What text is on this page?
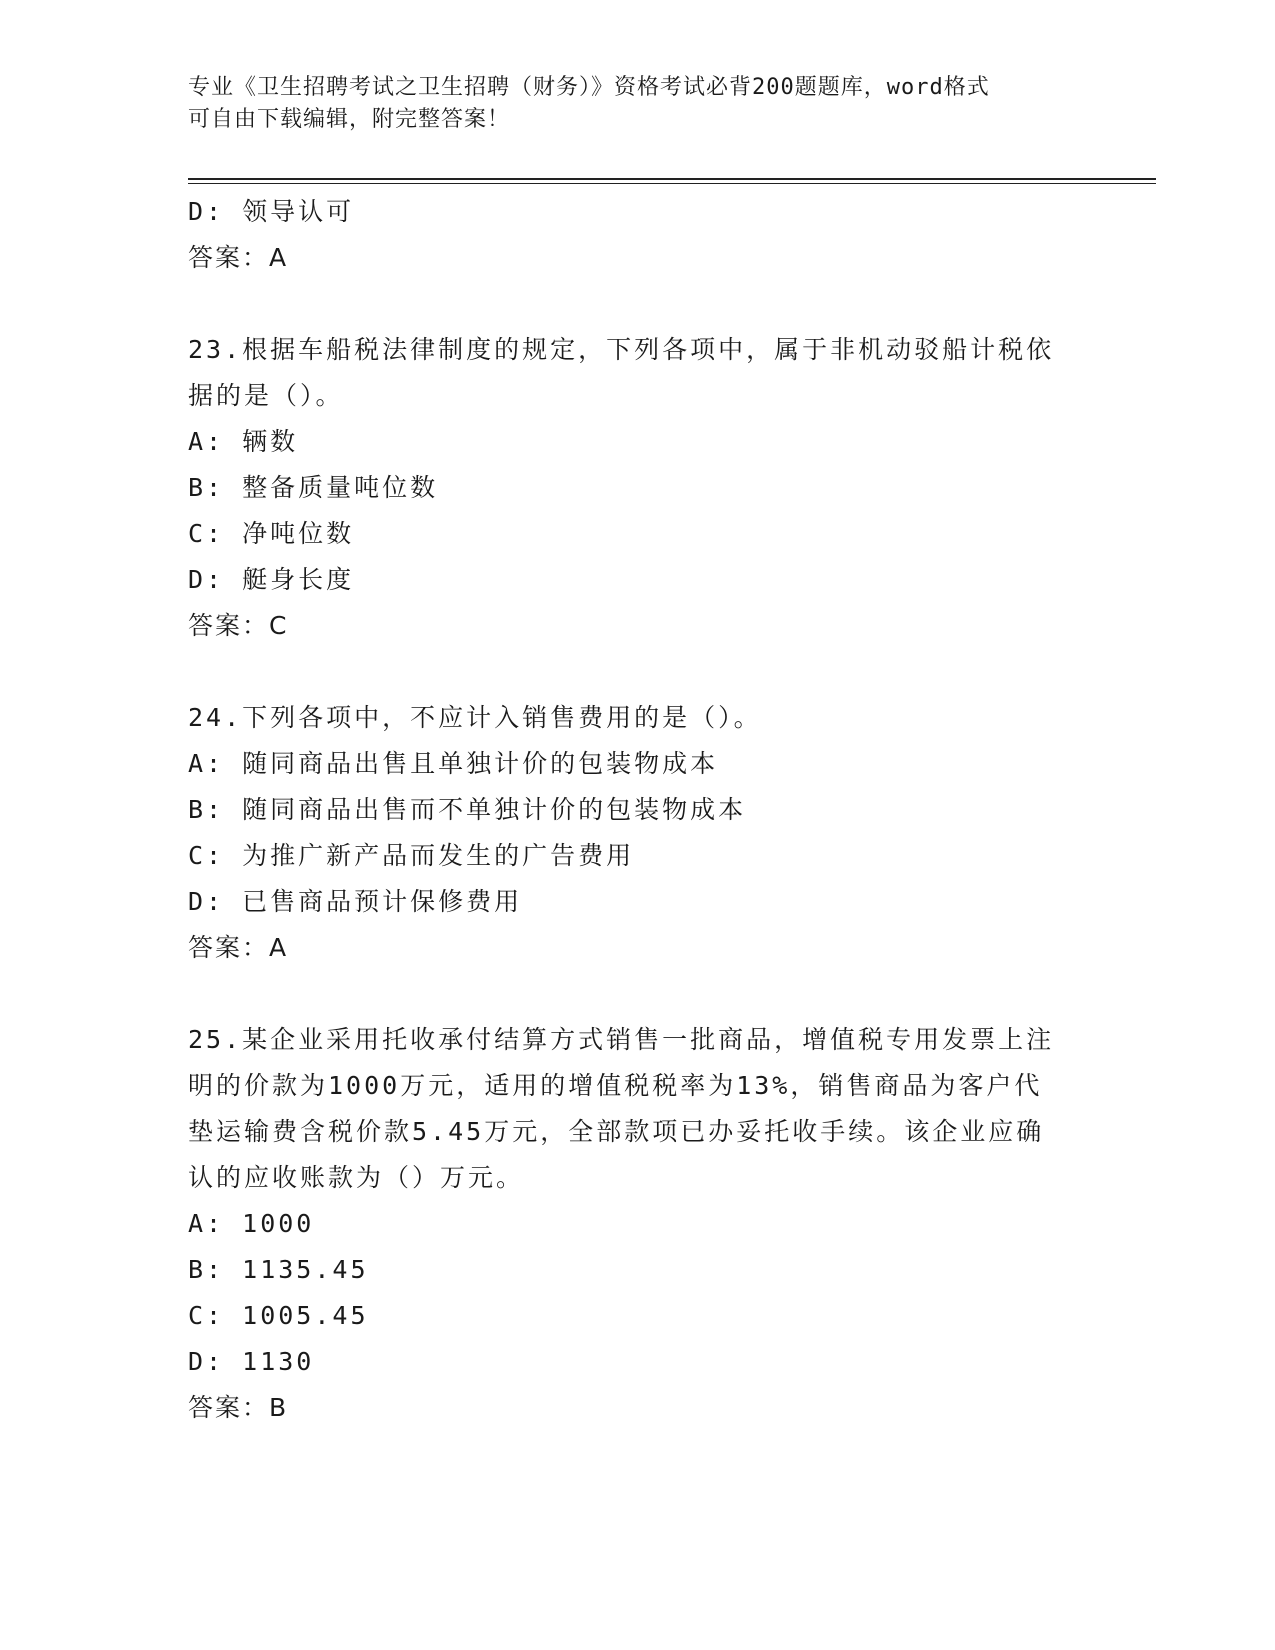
专业《卫生招聘考试之卫生招聘（财务）》资格考试必背200题题库，word格式
可自由下载编辑，附完整答案！
D: 领导认可
答案：A
23.根据车船税法律制度的规定，下列各项中，属于非机动驳船计税依
据的是（）。
A: 辆数
B: 整备质量吨位数
C: 净吨位数
D: 艇身长度
答案：C
24.下列各项中，不应计入销售费用的是（）。
A: 随同商品出售且单独计价的包装物成本
B: 随同商品出售而不单独计价的包装物成本
C: 为推广新产品而发生的广告费用
D: 已售商品预计保修费用
答案：A
25.某企业采用托收承付结算方式销售一批商品，增值税专用发票上注
明的价款为1000万元，适用的增值税税率为13%，销售商品为客户代
垫运输费含税价款5.45万元，全部款项已办妥托收手续。该企业应确
认的应收账款为（）万元。
A: 1000
B: 1135.45
C: 1005.45
D: 1130
答案：B
